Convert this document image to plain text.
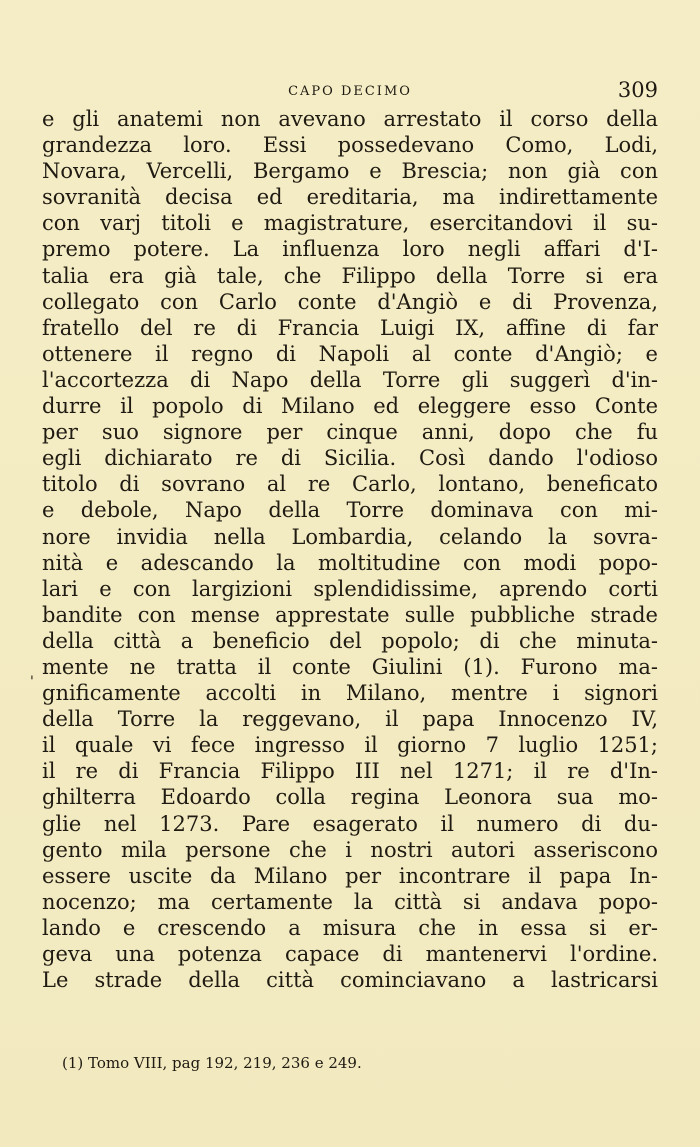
CAPO DECIMO	309
e gli anatemi non avevano arrestato il corso della
grandezza loro. Essi possedevano Como, Lodi,
Novara, Vercelli, Bergamo e Brescia; non già con
sovranità decisa ed ereditaria, ma indirettamente
con varj titoli e magistrature, esercitandovi il su-
premo potere. La influenza loro negli affari d'I-
talia era già tale, che Filippo della Torre si era
collegato con Carlo conte d'Angiò e di Provenza,
fratello del re di Francia Luigi IX, affine di far
ottenere il regno di Napoli al conte d'Angiò; e
l'accortezza di Napo della Torre gli suggerì d'in-
durre il popolo di Milano ed eleggere esso Conte
per suo signore per cinque anni, dopo che fu
egli dichiarato re di Sicilia. Così dando l'odioso
titolo di sovrano al re Carlo, lontano, beneficato
e debole, Napo della Torre dominava con mi-
nore invidia nella Lombardia, celando la sovra-
nità e adescando la moltitudine con modi popo-
lari e con largizioni splendidissime, aprendo corti
bandite con mense apprestate sulle pubbliche strade
della città a beneficio del popolo; di che minuta-
mente ne tratta il conte Giulini (1). Furono ma-
gnificamente accolti in Milano, mentre i signori
della Torre la reggevano, il papa Innocenzo IV,
il quale vi fece ingresso il giorno 7 luglio 1251;
il re di Francia Filippo III nel 1271; il re d'In-
ghilterra Edoardo colla regina Leonora sua mo-
glie nel 1273. Pare esagerato il numero di du-
gento mila persone che i nostri autori asseriscono
essere uscite da Milano per incontrare il papa In-
nocenzo; ma certamente la città si andava popo-
lando e crescendo a misura che in essa si er-
geva una potenza capace di mantenervi l'ordine.
Le strade della città cominciavano a lastricarsi
'
(1) Tomo VIII, pag 192, 219, 236 e 249.
